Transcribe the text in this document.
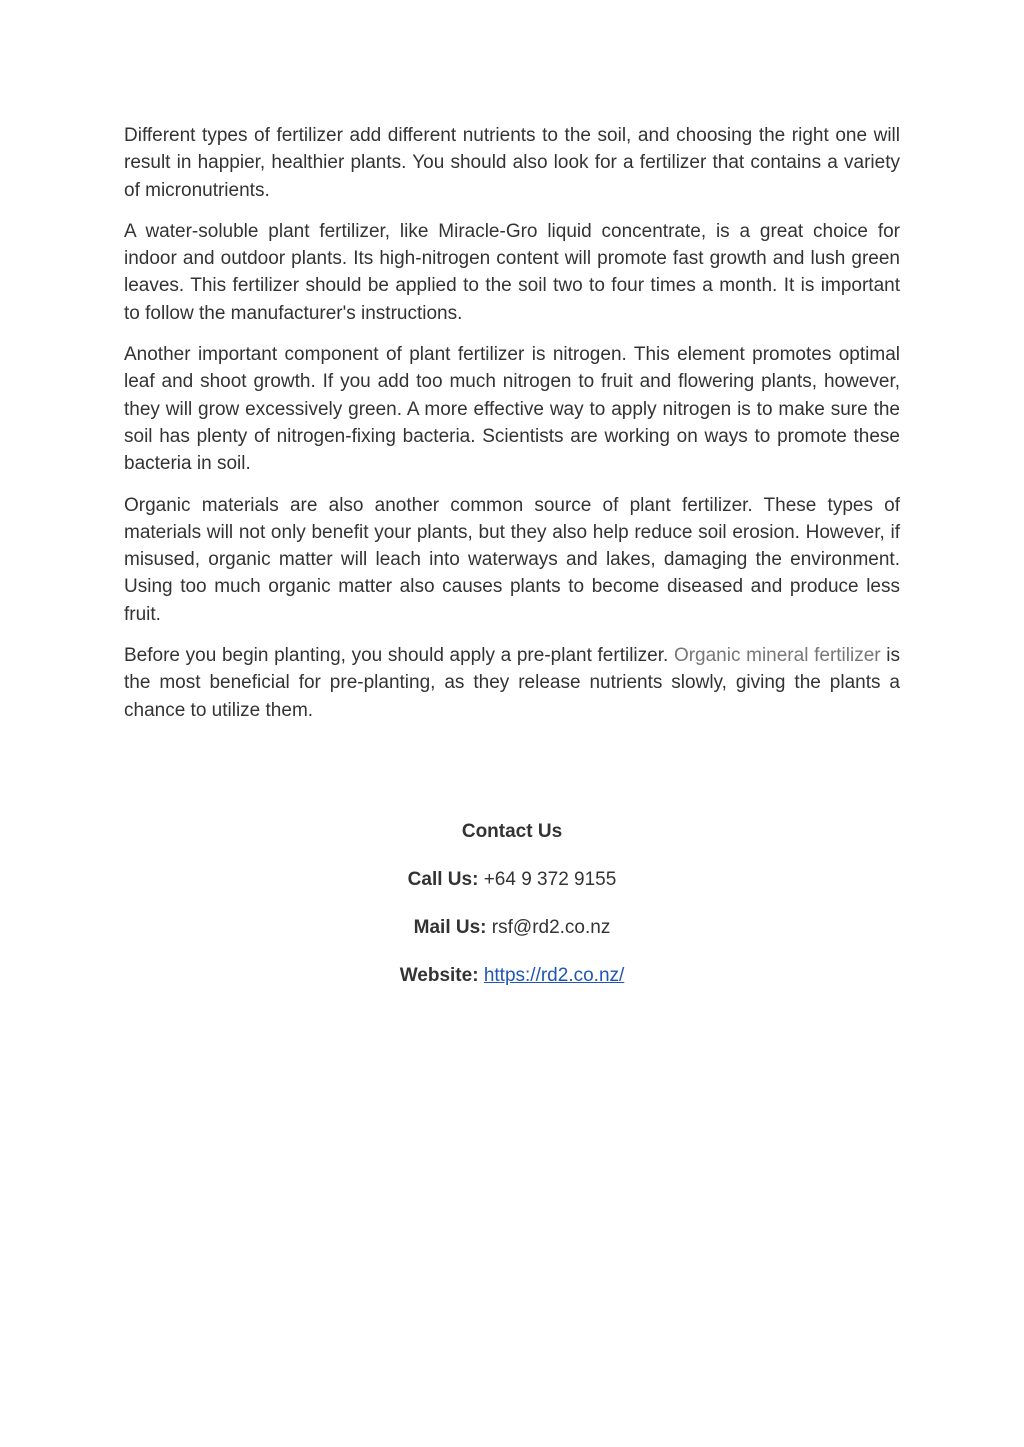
Different types of fertilizer add different nutrients to the soil, and choosing the right one will result in happier, healthier plants. You should also look for a fertilizer that contains a variety of micronutrients.

A water-soluble plant fertilizer, like Miracle-Gro liquid concentrate, is a great choice for indoor and outdoor plants. Its high-nitrogen content will promote fast growth and lush green leaves. This fertilizer should be applied to the soil two to four times a month. It is important to follow the manufacturer's instructions.

Another important component of plant fertilizer is nitrogen. This element promotes optimal leaf and shoot growth. If you add too much nitrogen to fruit and flowering plants, however, they will grow excessively green. A more effective way to apply nitrogen is to make sure the soil has plenty of nitrogen-fixing bacteria. Scientists are working on ways to promote these bacteria in soil.

Organic materials are also another common source of plant fertilizer. These types of materials will not only benefit your plants, but they also help reduce soil erosion. However, if misused, organic matter will leach into waterways and lakes, damaging the environment. Using too much organic matter also causes plants to become diseased and produce less fruit.

Before you begin planting, you should apply a pre-plant fertilizer. Organic mineral fertilizer is the most beneficial for pre-planting, as they release nutrients slowly, giving the plants a chance to utilize them.

Contact Us

Call Us: +64 9 372 9155

Mail Us: rsf@rd2.co.nz

Website: https://rd2.co.nz/
